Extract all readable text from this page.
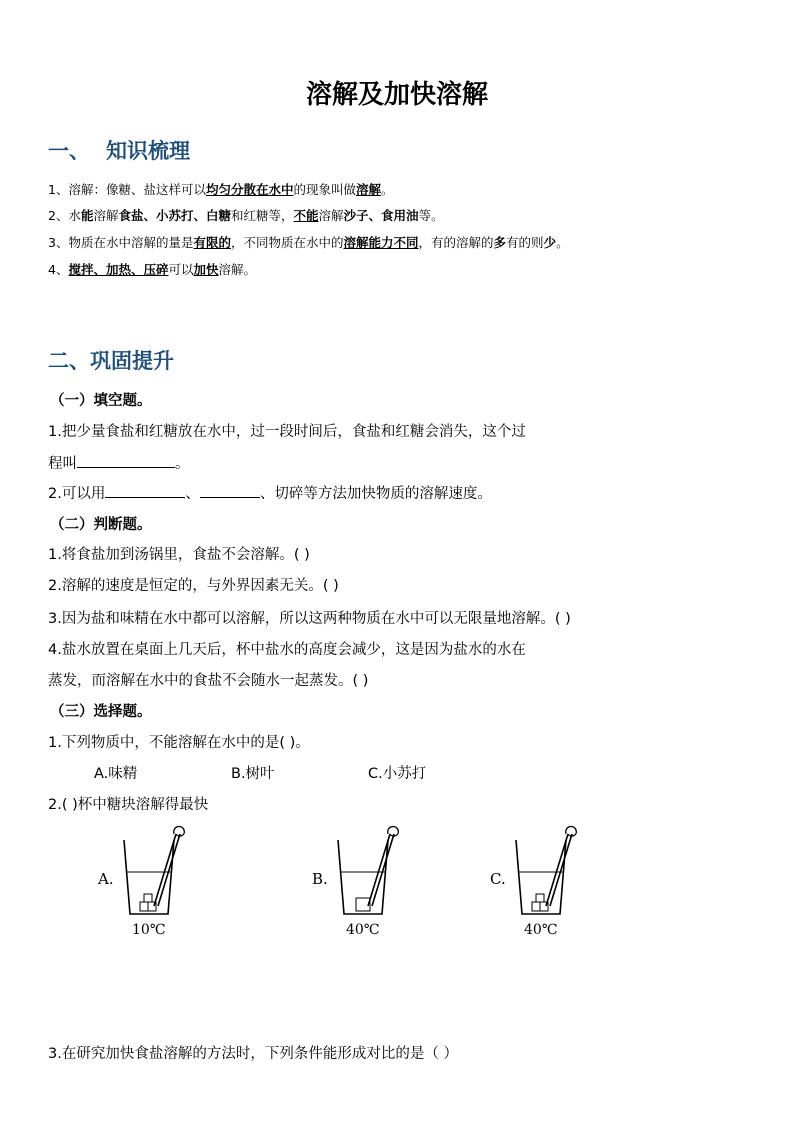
溶解及加快溶解
一、 知识梳理
1、溶解：像糖、盐这样可以均匀分散在水中的现象叫做溶解。
2、水能溶解食盐、小苏打、白糖和红糖等，不能溶解沙子、食用油等。
3、物质在水中溶解的量是有限的，不同物质在水中的溶解能力不同，有的溶解的多有的则少。
4、搅拌、加热、压碎可以加快溶解。
二、巩固提升
（一）填空题。
1.把少量食盐和红糖放在水中，过一段时间后，食盐和红糖会消失，这个过
程叫	。
2.可以用	、	、切碎等方法加快物质的溶解速度。
（二）判断题。
1.将食盐加到汤锅里，食盐不会溶解。( )
2.溶解的速度是恒定的，与外界因素无关。( )
3.因为盐和味精在水中都可以溶解，所以这两种物质在水中可以无限量地溶解。( )
4.盐水放置在桌面上几天后，杯中盐水的高度会减少，这是因为盐水的水在
蒸发，而溶解在水中的食盐不会随水一起蒸发。( )
（三）选择题。
1.下列物质中，不能溶解在水中的是( )。
A.味精	B.树叶	C.小苏打
2.( )杯中糖块溶解得最快
A.
10℃
B.
40℃
C.
40℃
3.在研究加快食盐溶解的方法时，下列条件能形成对比的是（ ）
